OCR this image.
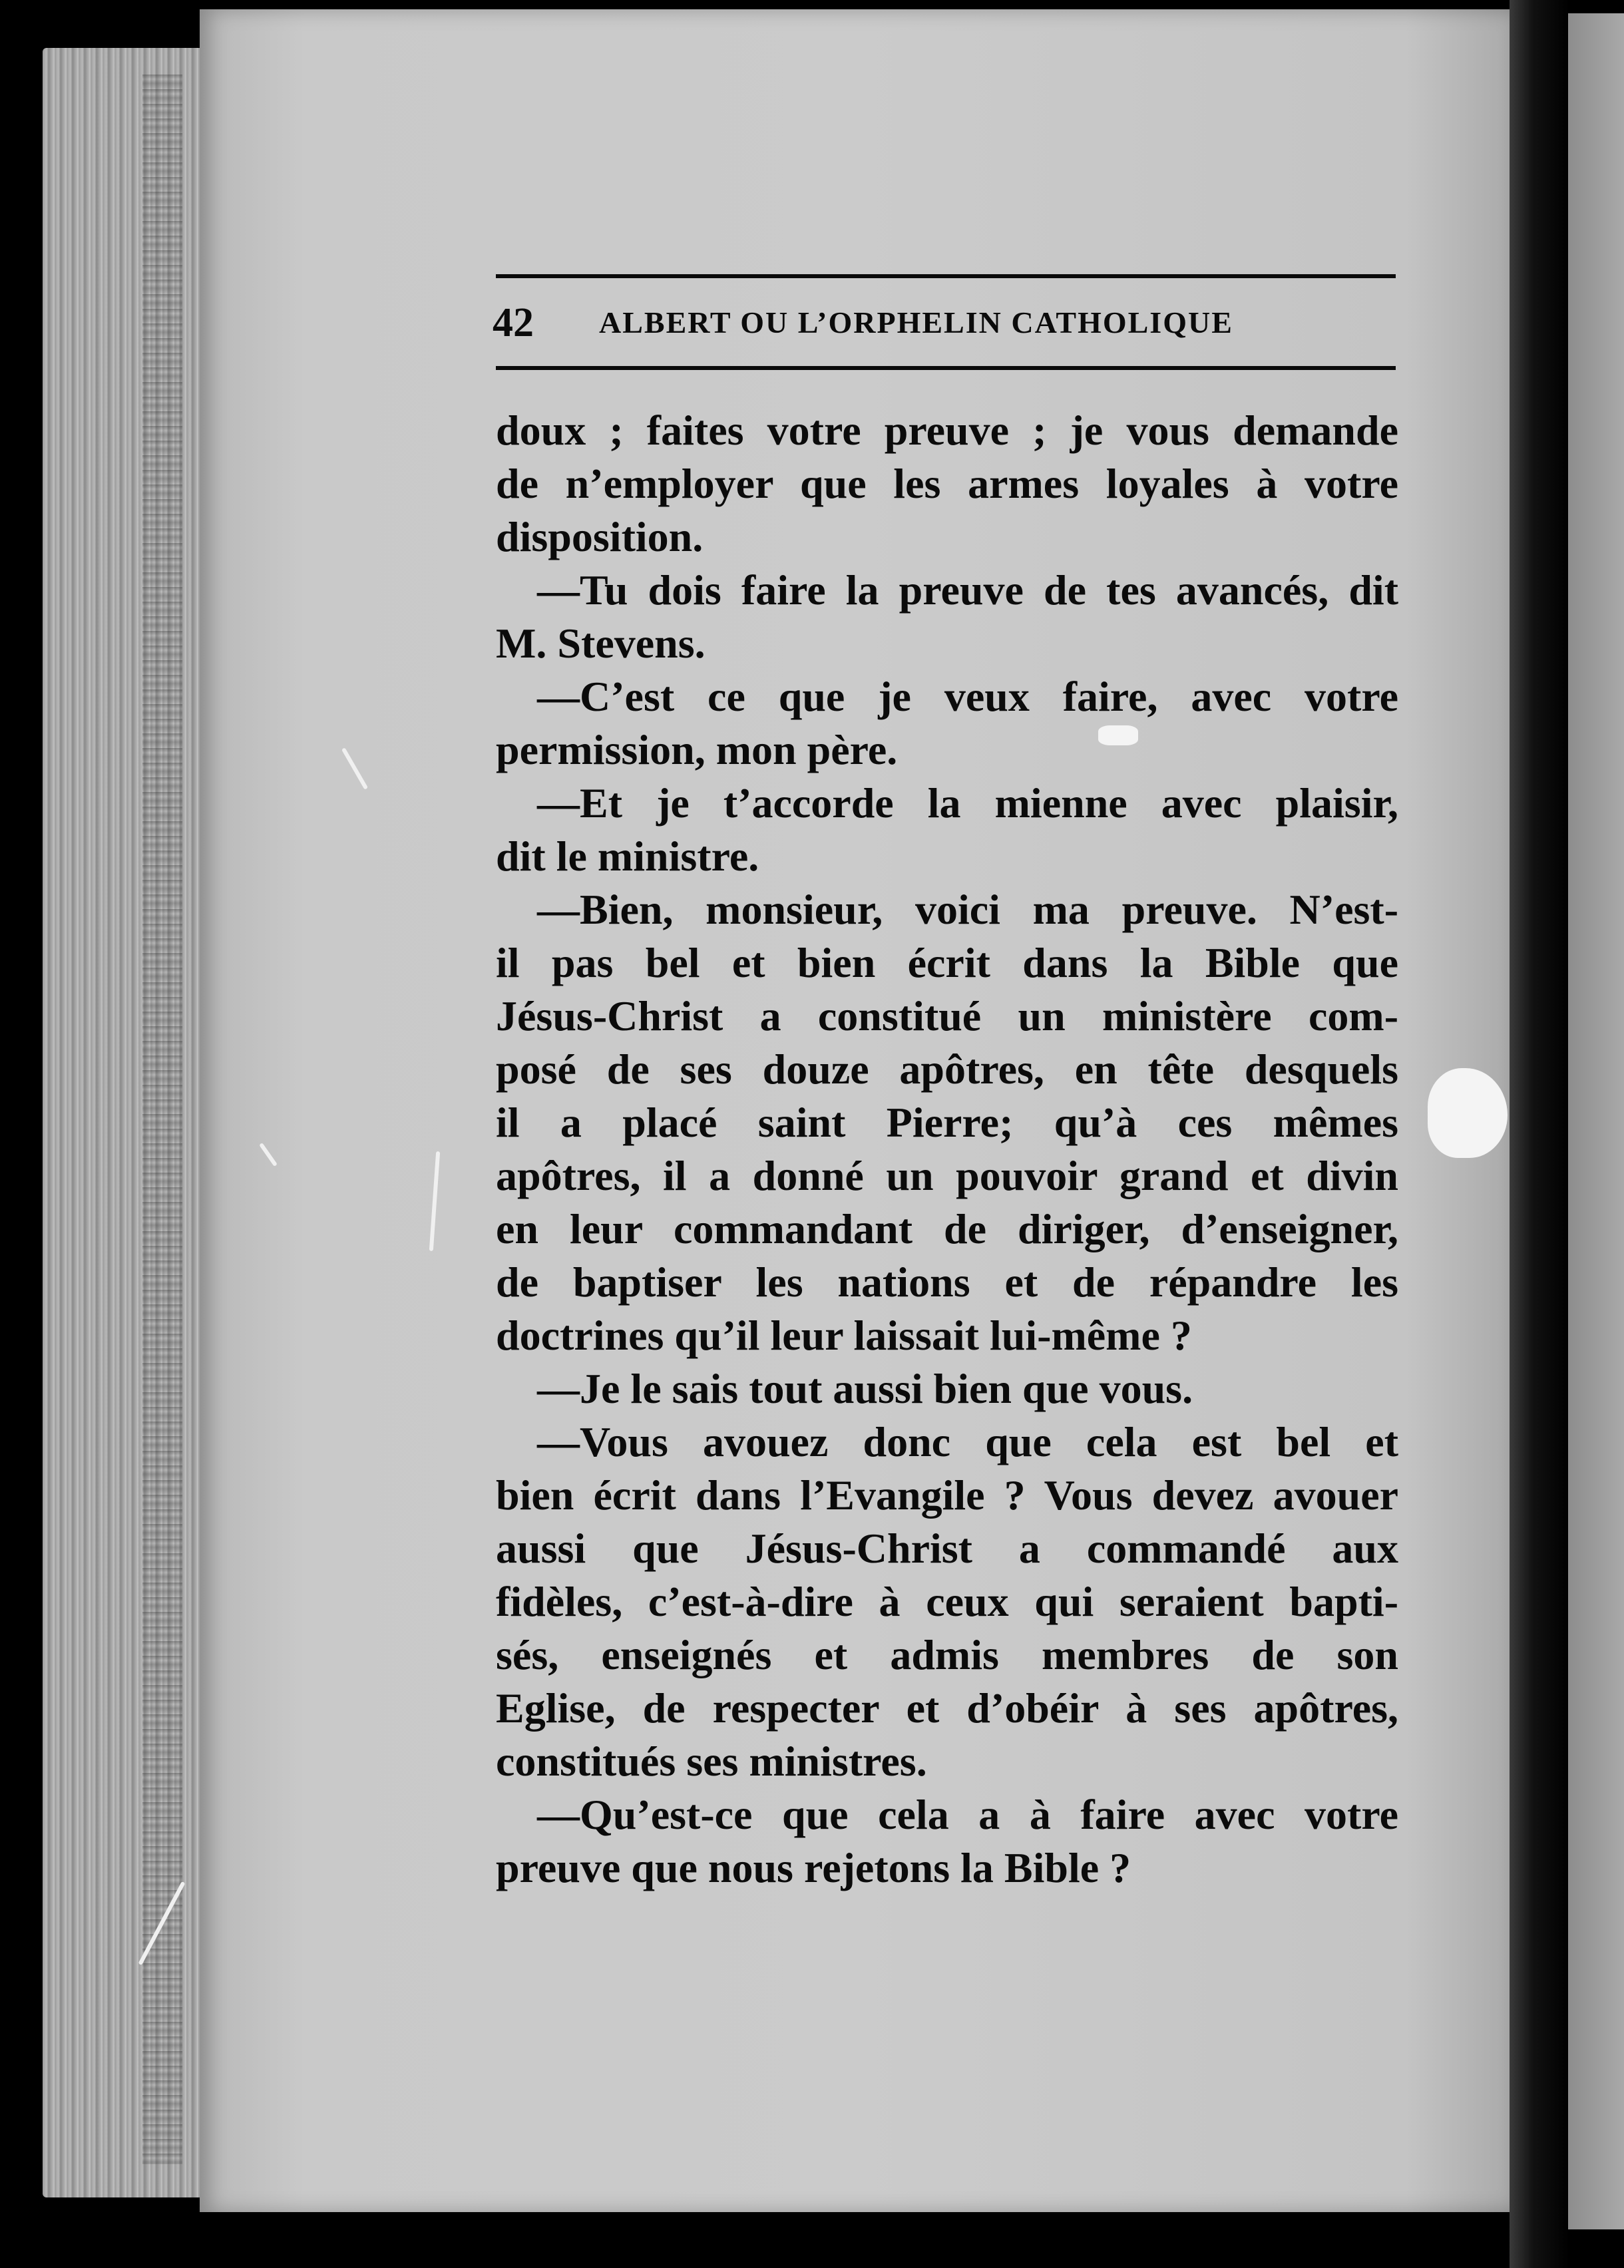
42 ALBERT OU L’ORPHELIN CATHOLIQUE
doux ; faites votre preuve ; je vous demande
de n’employer que les armes loyales à votre
disposition.
—Tu dois faire la preuve de tes avancés, dit
M. Stevens.
—C’est ce que je veux faire, avec votre
permission, mon père.
—Et je t’accorde la mienne avec plaisir,
dit le ministre.
—Bien, monsieur, voici ma preuve. N’est-
il pas bel et bien écrit dans la Bible que
Jésus-Christ a constitué un ministère com-
posé de ses douze apôtres, en tête desquels
il a placé saint Pierre; qu’à ces mêmes
apôtres, il a donné un pouvoir grand et divin
en leur commandant de diriger, d’enseigner,
de baptiser les nations et de répandre les
doctrines qu’il leur laissait lui-même ?
—Je le sais tout aussi bien que vous.
—Vous avouez donc que cela est bel et
bien écrit dans l’Evangile ? Vous devez avouer
aussi que Jésus-Christ a commandé aux
fidèles, c’est-à-dire à ceux qui seraient bapti-
sés, enseignés et admis membres de son
Eglise, de respecter et d’obéir à ses apôtres,
constitués ses ministres.
—Qu’est-ce que cela a à faire avec votre
preuve que nous rejetons la Bible ?
